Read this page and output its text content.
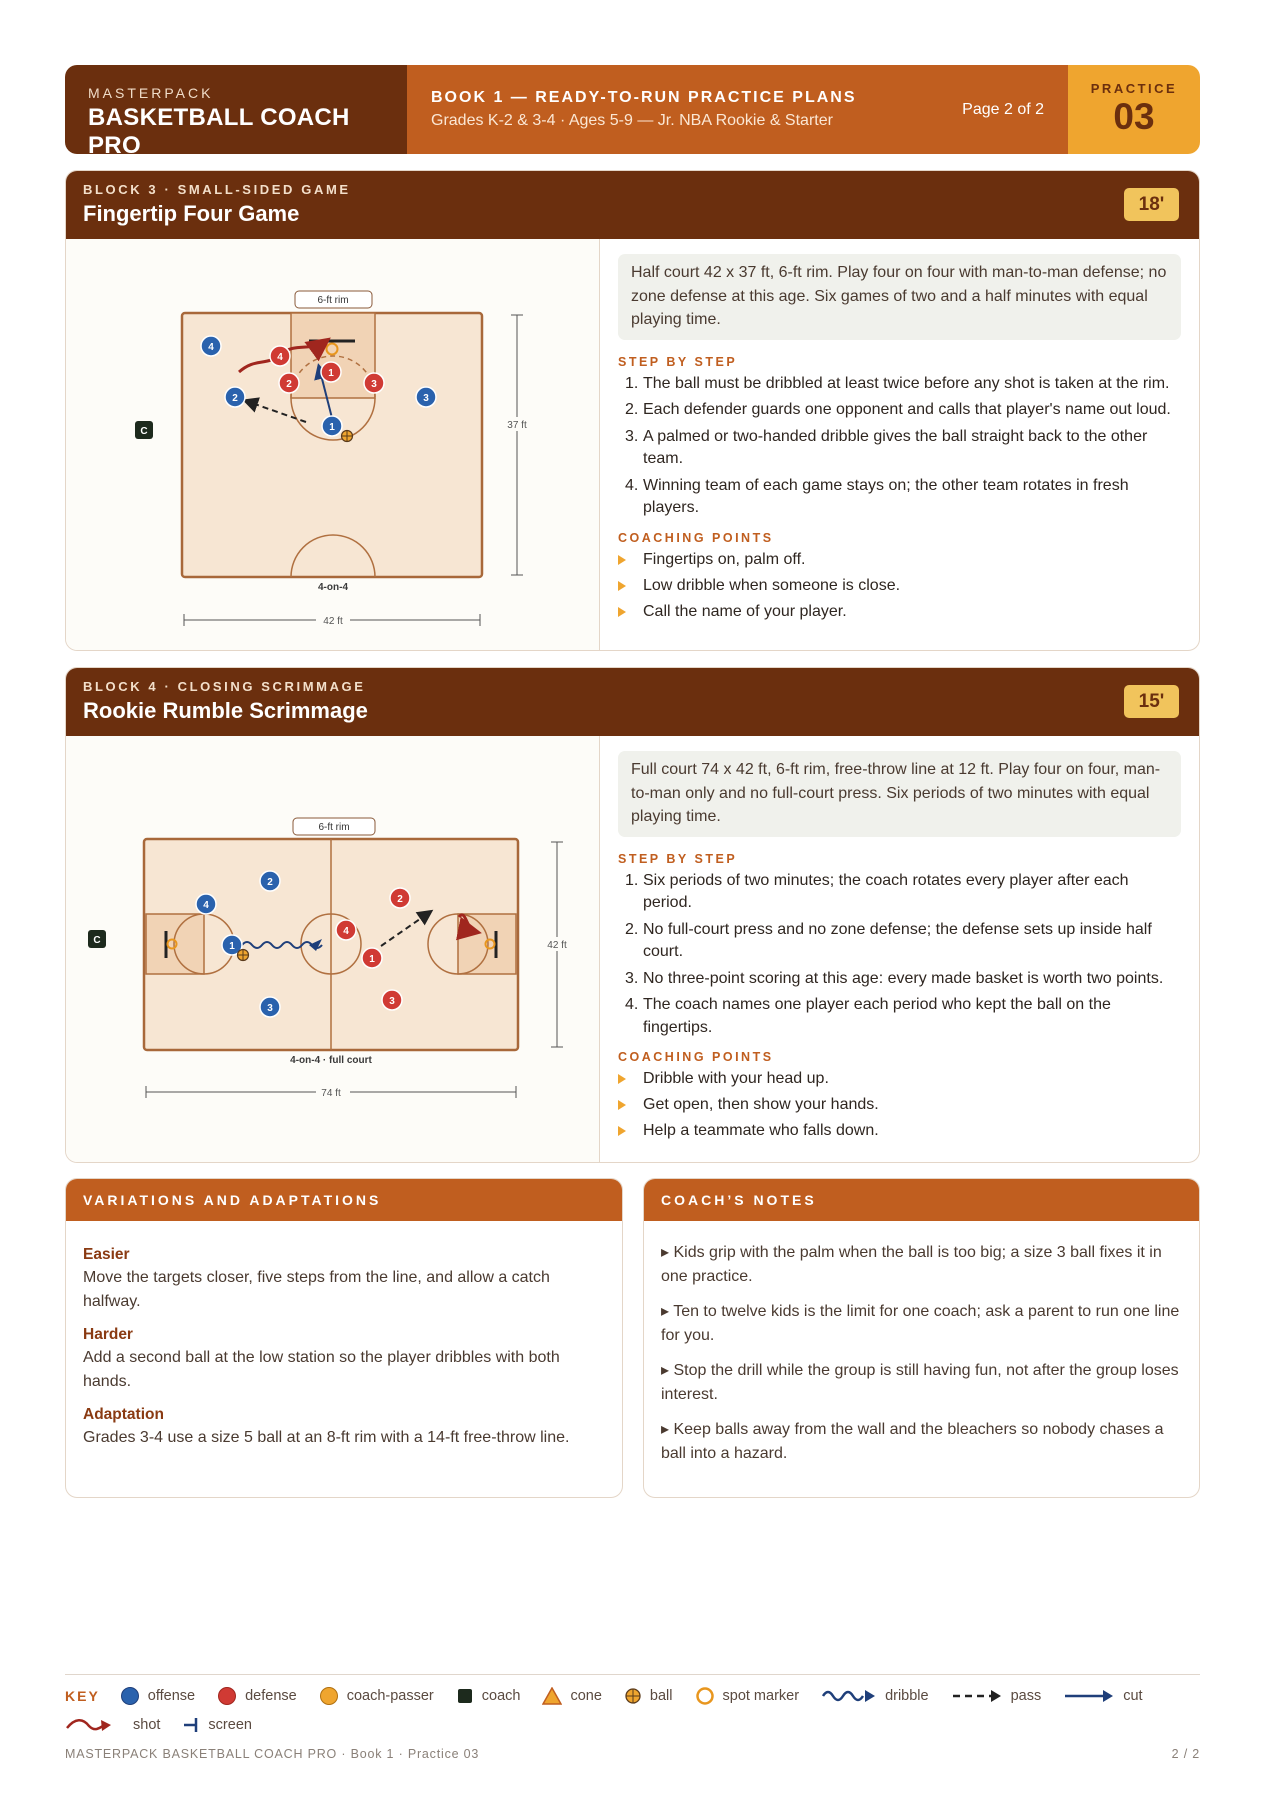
MASTERPACK
BASKETBALL COACH PRO
BOOK 1 — READY-TO-RUN PRACTICE PLANS
Grades K-2 & 3-4 · Ages 5-9 — Jr. NBA Rookie & Starter
Page 2 of 2
PRACTICE
03
BLOCK 3 · SMALL-SIDED GAME
Fingertip Four Game	18'
6-ft rim
37 ft
42 ft
4-on-4
C
4
2	3
1
4
2
1
3
Half court 42 x 37 ft, 6-ft rim. Play four on four with man-to-man defense; no zone defense at this age. Six games of two and a half minutes with equal playing time.
STEP BY STEP
1. The ball must be dribbled at least twice before any shot is taken at the rim.
2. Each defender guards one opponent and calls that player's name out loud.
3. A palmed or two-handed dribble gives the ball straight back to the other team.
4. Winning team of each game stays on; the other team rotates in fresh players.
COACHING POINTS
Fingertips on, palm off.
Low dribble when someone is close.
Call the name of your player.
BLOCK 4 · CLOSING SCRIMMAGE
Rookie Rumble Scrimmage	15'
6-ft rim
42 ft
74 ft
4-on-4 · full court
C
4
2
1
3
2
4
1
3
Full court 74 x 42 ft, 6-ft rim, free-throw line at 12 ft. Play four on four, man-to-man only and no full-court press. Six periods of two minutes with equal playing time.
STEP BY STEP
1. Six periods of two minutes; the coach rotates every player after each period.
2. No full-court press and no zone defense; the defense sets up inside half court.
3. No three-point scoring at this age: every made basket is worth two points.
4. The coach names one player each period who kept the ball on the fingertips.
COACHING POINTS
Dribble with your head up.
Get open, then show your hands.
Help a teammate who falls down.
VARIATIONS AND ADAPTATIONS
Easier
Move the targets closer, five steps from the line, and allow a catch halfway.
Harder
Add a second ball at the low station so the player dribbles with both hands.
Adaptation
Grades 3-4 use a size 5 ball at an 8-ft rim with a 14-ft free-throw line.
COACH’S NOTES
▸ Kids grip with the palm when the ball is too big; a size 3 ball fixes it in one practice.
▸ Ten to twelve kids is the limit for one coach; ask a parent to run one line for you.
▸ Stop the drill while the group is still having fun, not after the group loses interest.
▸ Keep balls away from the wall and the bleachers so nobody chases a ball into a hazard.
KEY	offense	defense	coach-passer	coach	cone	ball	spot marker	dribble	pass	cut
shot	screen
MASTERPACK BASKETBALL COACH PRO · Book 1 · Practice 03	2 / 2
